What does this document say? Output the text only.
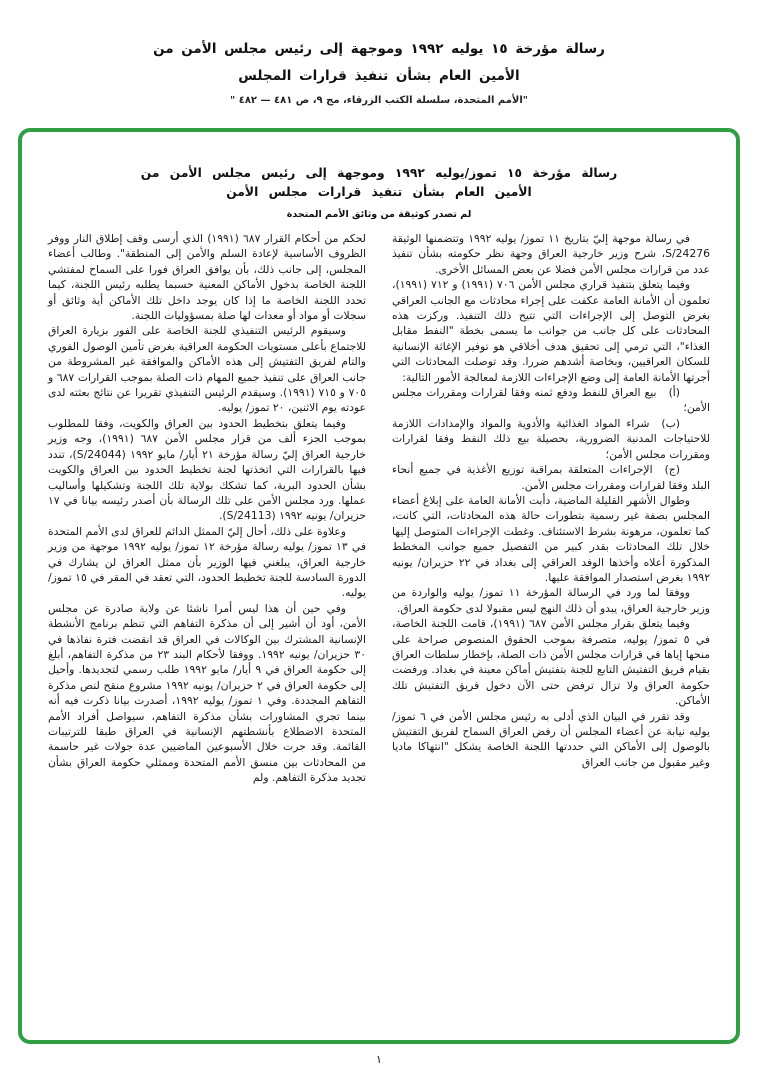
رسالة مؤرخة ١٥ يوليه ١٩٩٢ وموجهة إلى رئيس مجلس الأمن من
الأمين العام بشأن تنفيذ قرارات المجلس
"الأمم المتحدة، سلسلة الكتب الزرقاء، مج ٩، ص ٤٨١ — ٤٨٢ "
رسالة مؤرخة ١٥ تموز/يوليه ١٩٩٢ وموجهة إلى رئيس مجلس الأمن من
الأمين العام بشأن تنفيذ قرارات مجلس الأمن
لم تصدر كوثيقة من وثائق الأمم المتحدة

في رسالة موجهة إليّ بتاريخ ١١ تموز/ يوليه ١٩٩٢ وتتضمنها الوثيقة S/24276، شرح وزير خارجية العراق وجهة نظر حكومته بشأن تنفيذ عدد من قرارات مجلس الأمن فضلا عن بعض المسائل الأخرى.

وفيما يتعلق بتنفيذ قراري مجلس الأمن ٧٠٦ (١٩٩١) و ٧١٢ (١٩٩١)، تعلمون أن الأمانة العامة عكفت على إجراء محادثات مع الجانب العراقي بغرض التوصل إلى الإجراءات التي تتيح ذلك التنفيذ. وركزت هذه المحادثات على كل جانب من جوانب ما يسمى بخطة "النفط مقابل الغذاء"، التي ترمي إلى تحقيق هدف أخلاقي هو توفير الإغاثة الإنسانية للسكان العراقيين، وبخاصة أشدهم ضررا. وقد توصلت المحادثات التي أجرتها الأمانة العامة إلى وضع الإجراءات اللازمة لمعالجة الأمور التالية:

(أ)بيع العراق للنفط ودفع ثمنه وفقا لقرارات ومقررات مجلس الأمن؛

(ب)شراء المواد الغذائية والأدوية والمواد والإمدادات اللازمة للاحتياجات المدنية الضرورية، بحصيلة بيع ذلك النفط وفقا لقرارات ومقررات مجلس الأمن؛

(ج)الإجراءات المتعلقة بمراقبة توزيع الأغذية في جميع أنحاء البلد وفقا لقرارات ومقررات مجلس الأمن.

وطوال الأشهر القليلة الماضية، دأبت الأمانة العامة على إبلاغ أعضاء المجلس بصفة غير رسمية بتطورات حالة هذه المحادثات، التي كانت، كما تعلمون، مرهونة بشرط الاستئناف. وغطت الإجراءات المتوصل إليها خلال تلك المحادثات بقدر كبير من التفصيل جميع جوانب المخطط المذكورة أعلاه وأخذها الوفد العراقي إلى بغداد في ٢٢ حزيران/ يونيه ١٩٩٢ بغرض استصدار الموافقة عليها.

ووفقا لما ورد في الرسالة المؤرخة ١١ تموز/ يوليه والواردة من وزير خارجية العراق، يبدو أن ذلك النهج ليس مقبولا لدى حكومة العراق.

وفيما يتعلق بقرار مجلس الأمن ٦٨٧ (١٩٩١)، قامت اللجنة الخاصة، في ٥ تموز/ يوليه، متصرفة بموجب الحقوق المنصوص صراحة على منحها إياها في قرارات مجلس الأمن ذات الصلة، بإخطار سلطات العراق بقيام فريق التفتيش التابع للجنة بتفتيش أماكن معينة في بغداد. ورفضت حكومة العراق ولا تزال ترفض حتى الآن دخول فريق التفتيش تلك الأماكن.

وقد تقرر في البيان الذي أدلى به رئيس مجلس الأمن في ٦ تموز/ يوليه نيابة عن أعضاء المجلس أن رفض العراق السماح لفريق التفتيش بالوصول إلى الأماكن التي حددتها اللجنة الخاصة يشكل "انتهاكا ماديا وغير مقبول من جانب العراق

لحكم من أحكام القرار ٦٨٧ (١٩٩١) الذي أرسى وقف إطلاق النار ووفر الظروف الأساسية لإعادة السلم والأمن إلى المنطقة". وطالب أعضاء المجلس، إلى جانب ذلك، بأن يوافق العراق فورا على السماح لمفتشي اللجنة الخاصة بدخول الأماكن المعنية حسبما يطلبه رئيس اللجنة، كيما تحدد اللجنة الخاصة ما إذا كان يوجد داخل تلك الأماكن أية وثائق أو سجلات أو مواد أو معدات لها صلة بمسؤوليات اللجنة.

وسيقوم الرئيس التنفيذي للجنة الخاصة على الفور بزيارة العراق للاجتماع بأعلى مستويات الحكومة العراقية بغرض تأمين الوصول الفوري والتام لفريق التفتيش إلى هذه الأماكن والموافقة غير المشروطة من جانب العراق على تنفيذ جميع المهام ذات الصلة بموجب القرارات ٦٨٧ و ٧٠٥ و ٧١٥ (١٩٩١). وسيقدم الرئيس التنفيذي تقريرا عن نتائج بعثته لدى عودته يوم الاثنين، ٢٠ تموز/ يوليه.

وفيما يتعلق بتخطيط الحدود بين العراق والكويت، وفقا للمطلوب بموجب الجزء ألف من قرار مجلس الأمن ٦٨٧ (١٩٩١)، وجه وزير خارجية العراق إليّ رسالة مؤرخة ٢١ أيار/ مايو ١٩٩٢ (S/24044)، تندد فيها بالقرارات التي اتخذتها لجنة تخطيط الحدود بين العراق والكويت بشأن الحدود البرية، كما تشكك بولاية تلك اللجنة وتشكيلها وأساليب عملها. ورد مجلس الأمن على تلك الرسالة بأن أصدر رئيسه بيانا في ١٧ حزيران/ يونيه ١٩٩٢ (S/24113).

وعلاوة على ذلك، أحال إليّ الممثل الدائم للعراق لدى الأمم المتحدة في ١٣ تموز/ يوليه رسالة مؤرخة ١٢ تموز/ يوليه ١٩٩٢ موجهة من وزير خارجية العراق، يبلغني فيها الوزير بأن ممثل العراق لن يشارك في الدورة السادسة للجنة تخطيط الحدود، التي تعقد في المقر في ١٥ تموز/ يوليه.

وفي حين أن هذا ليس أمرا ناشئا عن ولاية صادرة عن مجلس الأمن، أود أن أشير إلى أن مذكرة التفاهم التي تنظم برنامج الأنشطة الإنسانية المشترك بين الوكالات في العراق قد انقضت فترة نفاذها في ٣٠ حزيران/ يونيه ١٩٩٢. ووفقا لأحكام البند ٢٣ من مذكرة التفاهم، أبلغ إلى حكومة العراق في ٩ أيار/ مايو ١٩٩٢ طلب رسمي لتجديدها. وأحيل إلى حكومة العراق في ٢ حزيران/ يونيه ١٩٩٢ مشروع منقح لنص مذكرة التفاهم المجددة. وفي ١ تموز/ يوليه ١٩٩٢، أصدرت بيانا ذكرت فيه أنه بينما تجري المشاورات بشأن مذكرة التفاهم، سيواصل أفراد الأمم المتحدة الاضطلاع بأنشطتهم الإنسانية في العراق طبقا للترتيبات القائمة. وقد جرت خلال الأسبوعين الماضيين عدة جولات غير حاسمة من المحادثات بين منسق الأمم المتحدة وممثلي حكومة العراق بشأن تجديد مذكرة التفاهم. ولم

١
